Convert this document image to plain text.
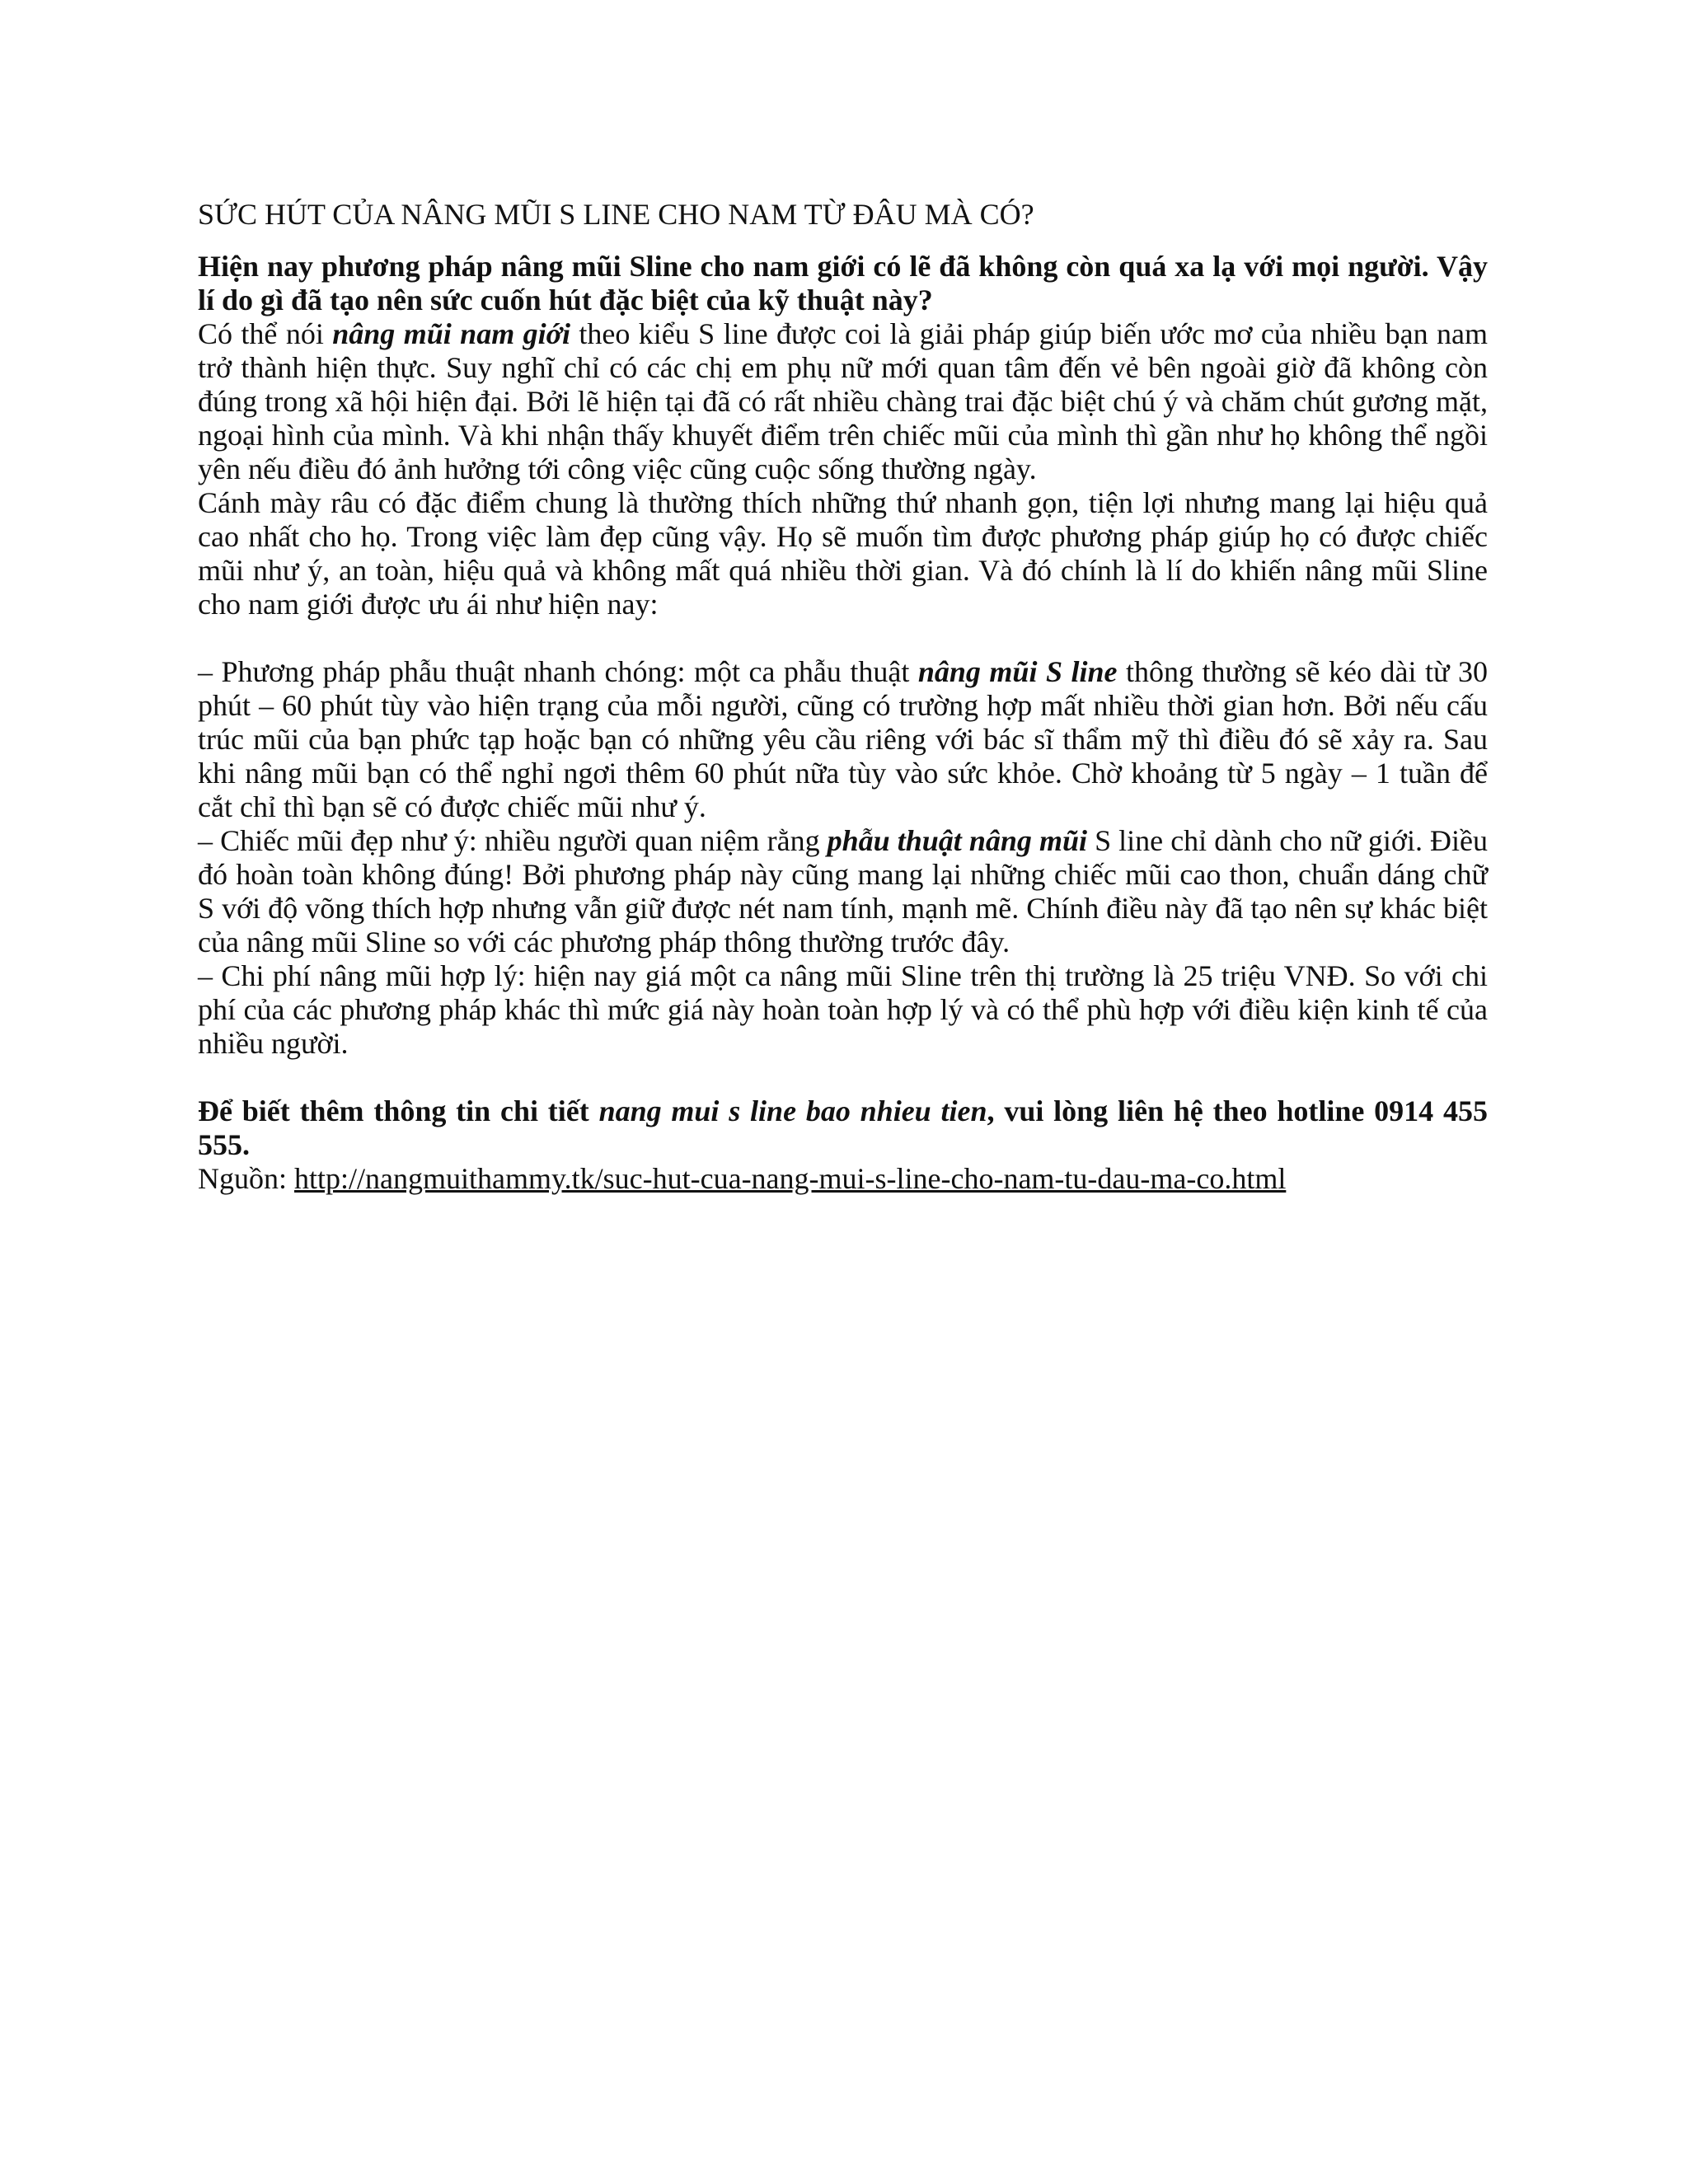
SỨC HÚT CỦA NÂNG MŨI S LINE CHO NAM TỪ ĐÂU MÀ CÓ?

Hiện nay phương pháp nâng mũi Sline cho nam giới có lẽ đã không còn quá xa lạ với mọi người. Vậy lí do gì đã tạo nên sức cuốn hút đặc biệt của kỹ thuật này?

Có thể nói nâng mũi nam giới theo kiểu S line được coi là giải pháp giúp biến ước mơ của nhiều bạn nam trở thành hiện thực. Suy nghĩ chỉ có các chị em phụ nữ mới quan tâm đến vẻ bên ngoài giờ đã không còn đúng trong xã hội hiện đại. Bởi lẽ hiện tại đã có rất nhiều chàng trai đặc biệt chú ý và chăm chút gương mặt, ngoại hình của mình. Và khi nhận thấy khuyết điểm trên chiếc mũi của mình thì gần như họ không thể ngồi yên nếu điều đó ảnh hưởng tới công việc cũng cuộc sống thường ngày.

Cánh mày râu có đặc điểm chung là thường thích những thứ nhanh gọn, tiện lợi nhưng mang lại hiệu quả cao nhất cho họ. Trong việc làm đẹp cũng vậy. Họ sẽ muốn tìm được phương pháp giúp họ có được chiếc mũi như ý, an toàn, hiệu quả và không mất quá nhiều thời gian. Và đó chính là lí do khiến nâng mũi Sline cho nam giới được ưu ái như hiện nay:

– Phương pháp phẫu thuật nhanh chóng: một ca phẫu thuật nâng mũi S line thông thường sẽ kéo dài từ 30 phút – 60 phút tùy vào hiện trạng của mỗi người, cũng có trường hợp mất nhiều thời gian hơn. Bởi nếu cấu trúc mũi của bạn phức tạp hoặc bạn có những yêu cầu riêng với bác sĩ thẩm mỹ thì điều đó sẽ xảy ra. Sau khi nâng mũi bạn có thể nghỉ ngơi thêm 60 phút nữa tùy vào sức khỏe. Chờ khoảng từ 5 ngày – 1 tuần để cắt chỉ thì bạn sẽ có được chiếc mũi như ý.

– Chiếc mũi đẹp như ý: nhiều người quan niệm rằng phẫu thuật nâng mũi S line chỉ dành cho nữ giới. Điều đó hoàn toàn không đúng! Bởi phương pháp này cũng mang lại những chiếc mũi cao thon, chuẩn dáng chữ S với độ võng thích hợp nhưng vẫn giữ được nét nam tính, mạnh mẽ. Chính điều này đã tạo nên sự khác biệt của nâng mũi Sline so với các phương pháp thông thường trước đây.

– Chi phí nâng mũi hợp lý: hiện nay giá một ca nâng mũi Sline trên thị trường là 25 triệu VNĐ. So với chi phí của các phương pháp khác thì mức giá này hoàn toàn hợp lý và có thể phù hợp với điều kiện kinh tế của nhiều người.

Để biết thêm thông tin chi tiết nang mui s line bao nhieu tien, vui lòng liên hệ theo hotline 0914 455 555.

Nguồn: http://nangmuithammy.tk/suc-hut-cua-nang-mui-s-line-cho-nam-tu-dau-ma-co.html
